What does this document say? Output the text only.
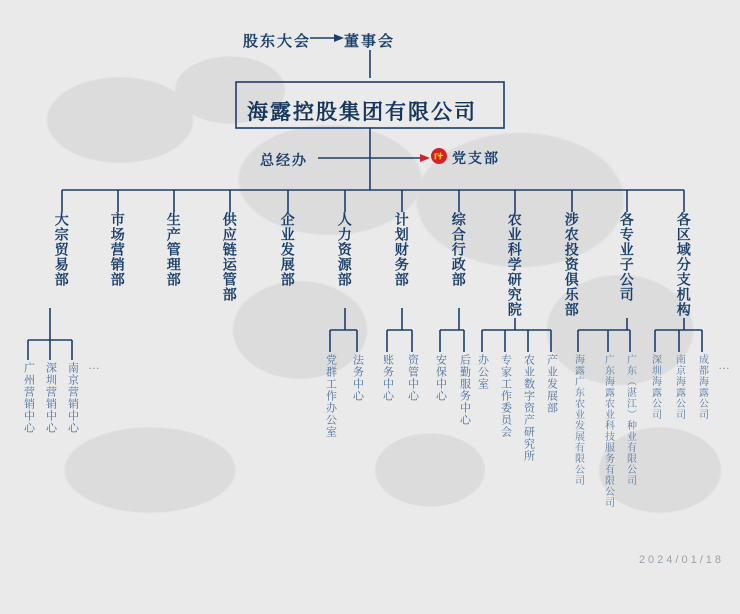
股东大会 董事会
海露控股集团有限公司
总经办	党支部
大宗贸易部	市场营销部	生产管理部	供应链运管部	企业发展部	人力资源部	计划财务部	综合行政部	农业科学研究院	涉农投资俱乐部	各专业子公司	各区域分支机构
广州营销中心 深圳营销中心 南京营销中心	党群工作办公室 法务中心 账务中心 资管中心 安保中心 后勤服务中心 办公室 专家工作委员会 农业数字资产研究所 产业发展部 海露广东农业发展有限公司 广东海露农业科技服务有限公司 广东（湛江）种业有限公司 深圳海露公司 南京海露公司 成都海露公司
…	…
2024/01/18
